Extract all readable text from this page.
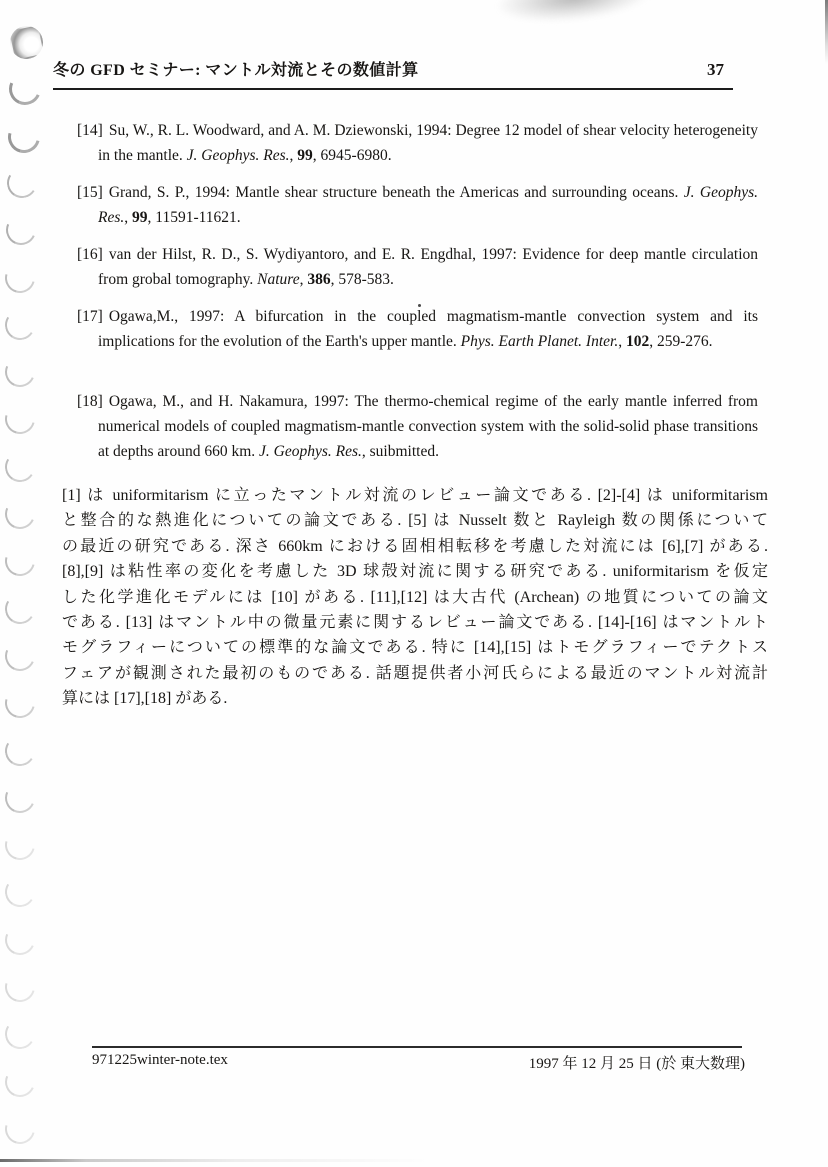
冬の GFD セミナー: マントル対流とその数値計算	37
[14] Su, W., R. L. Woodward, and A. M. Dziewonski, 1994: Degree 12 model of shear velocity heterogeneity in the mantle. J. Geophys. Res., 99, 6945-6980.
[15] Grand, S. P., 1994: Mantle shear structure beneath the Americas and surrounding oceans. J. Geophys. Res., 99, 11591-11621.
[16] van der Hilst, R. D., S. Wydiyantoro, and E. R. Engdhal, 1997: Evidence for deep mantle circulation from grobal tomography. Nature, 386, 578-583.
[17] Ogawa,M., 1997: A bifurcation in the coupled magmatism-mantle convection system and its implications for the evolution of the Earth's upper mantle. Phys. Earth Planet. Inter., 102, 259-276.
[18] Ogawa, M., and H. Nakamura, 1997: The thermo-chemical regime of the early mantle inferred from numerical models of coupled magmatism-mantle convection system with the solid-solid phase transitions at depths around 660 km. J. Geophys. Res., suibmitted.
[1] は uniformitarism に立ったマントル対流のレビュー論文である. [2]-[4] は uniformitarism
と整合的な熱進化についての論文である. [5] は Nusselt 数と Rayleigh 数の関係について
の最近の研究である. 深さ 660km における固相相転移を考慮した対流には [6],[7] がある.
[8],[9] は粘性率の変化を考慮した 3D 球殻対流に関する研究である. uniformitarism を仮定
した化学進化モデルには [10] がある. [11],[12] は大古代 (Archean) の地質についての論文
である. [13] はマントル中の微量元素に関するレビュー論文である. [14]-[16] はマントルト
モグラフィーについての標準的な論文である. 特に [14],[15] はトモグラフィーでテクトス
フェアが観測された最初のものである. 話題提供者小河氏らによる最近のマントル対流計
算には [17],[18] がある.
971225winter-note.tex	1997 年 12 月 25 日 (於 東大数理)
